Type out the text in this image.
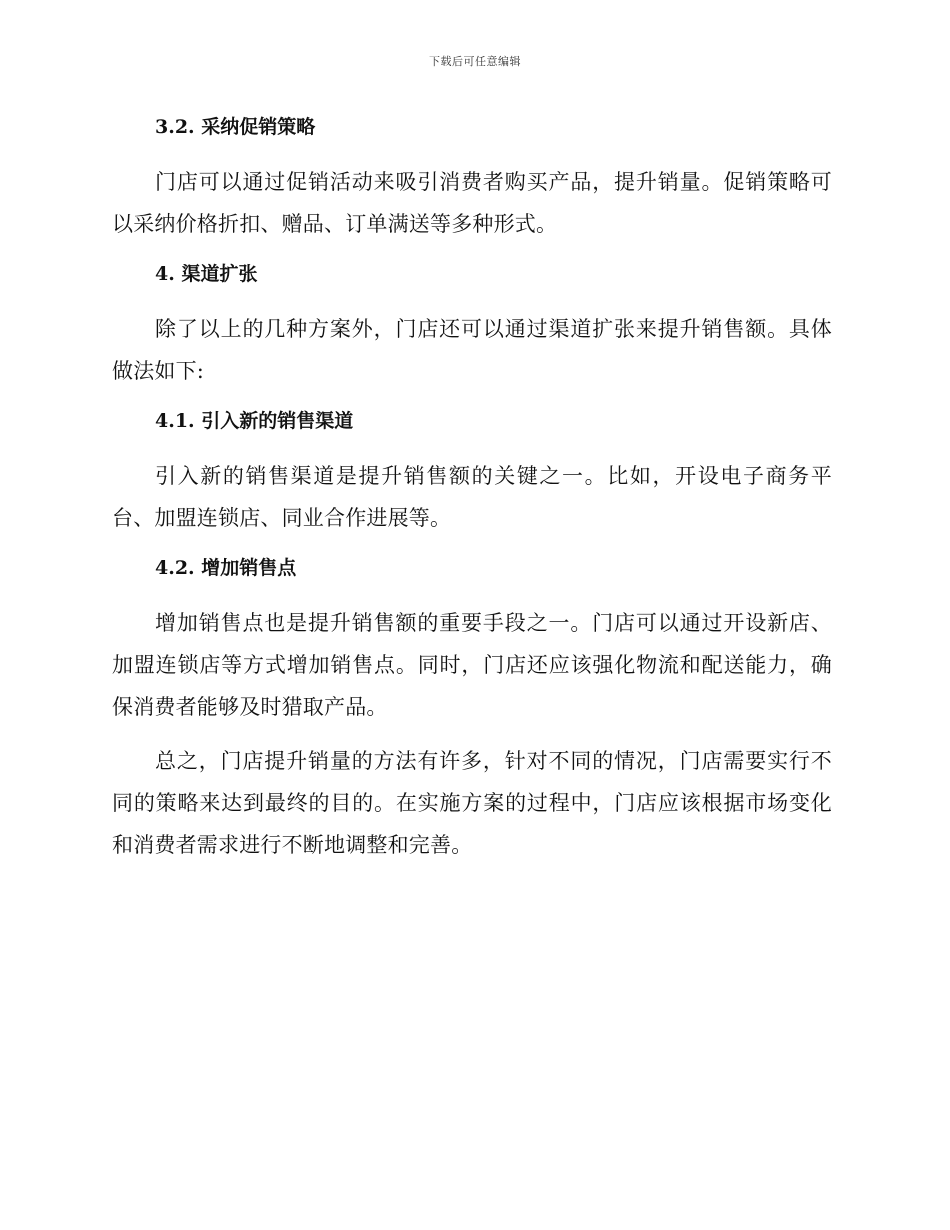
下载后可任意编辑
3.2. 采纳促销策略

门店可以通过促销活动来吸引消费者购买产品，提升销量。促销策略可以采纳价格折扣、赠品、订单满送等多种形式。

4. 渠道扩张

除了以上的几种方案外，门店还可以通过渠道扩张来提升销售额。具体做法如下:

4.1. 引入新的销售渠道

引入新的销售渠道是提升销售额的关键之一。比如，开设电子商务平台、加盟连锁店、同业合作进展等。

4.2. 增加销售点

增加销售点也是提升销售额的重要手段之一。门店可以通过开设新店、加盟连锁店等方式增加销售点。同时，门店还应该强化物流和配送能力，确保消费者能够及时猎取产品。

总之，门店提升销量的方法有许多，针对不同的情况，门店需要实行不同的策略来达到最终的目的。在实施方案的过程中，门店应该根据市场变化和消费者需求进行不断地调整和完善。
